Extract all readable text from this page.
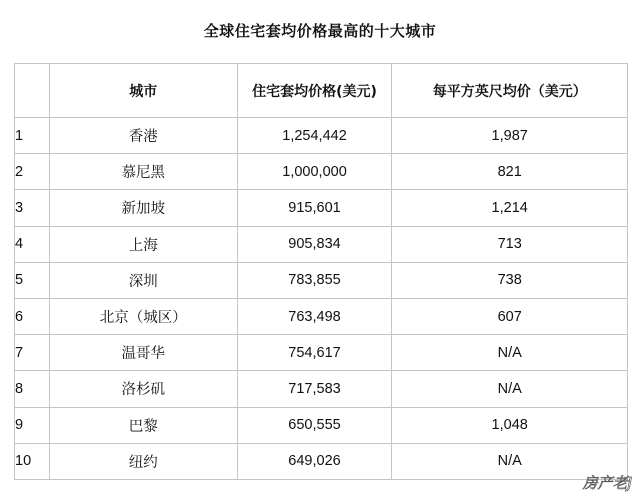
全球住宅套均价格最高的十大城市
	城市	住宅套均价格(美元)	每平方英尺均价（美元）
1	香港	1,254,442	1,987
2	慕尼黑	1,000,000	821
3	新加坡	915,601	1,214
4	上海	905,834	713
5	深圳	783,855	738
6	北京（城区）	763,498	607
7	温哥华	754,617	N/A
8	洛杉矶	717,583	N/A
9	巴黎	650,555	1,048
10	纽约	649,026	N/A
房产老J
